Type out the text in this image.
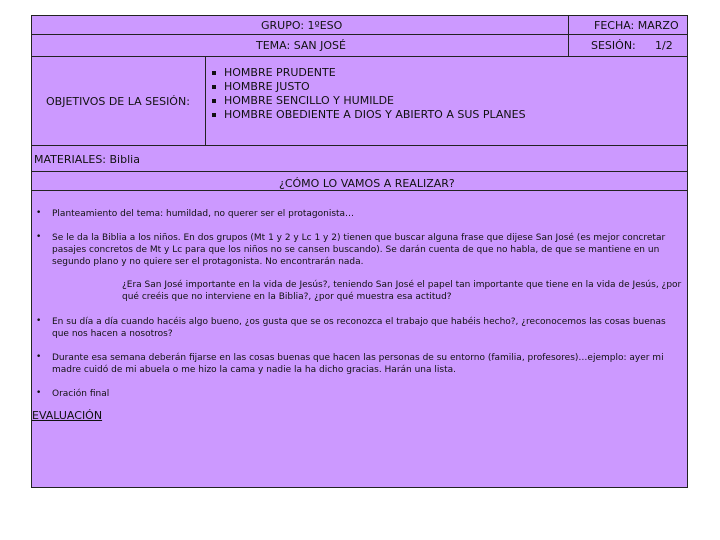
GRUPO: 1ºESO	FECHA: MARZO
TEMA: SAN JOSÉ	SESIÓN: 1/2
OBJETIVOS DE LA SESIÓN:
HOMBRE PRUDENTE
HOMBRE JUSTO
HOMBRE SENCILLO Y HUMILDE
HOMBRE OBEDIENTE A DIOS Y ABIERTO A SUS PLANES
MATERIALES: Biblia
¿CÓMO LO VAMOS A REALIZAR?
• Planteamiento del tema: humildad, no querer ser el protagonista…
• Se le da la Biblia a los niños. En dos grupos (Mt 1 y 2 y Lc 1 y 2) tienen que buscar alguna frase que dijese San José (es mejor concretar pasajes concretos de Mt y Lc para que los niños no se cansen buscando). Se darán cuenta de que no habla, de que se mantiene en un segundo plano y no quiere ser el protagonista. No encontrarán nada.
¿Era San José importante en la vida de Jesús?, teniendo San José el papel tan importante que tiene en la vida de Jesús, ¿por qué creéis que no interviene en la Biblia?, ¿por qué muestra esa actitud?
• En su día a día cuando hacéis algo bueno, ¿os gusta que se os reconozca el trabajo que habéis hecho?, ¿reconocemos las cosas buenas que nos hacen a nosotros?
• Durante esa semana deberán fijarse en las cosas buenas que hacen las personas de su entorno (familia, profesores)…ejemplo: ayer mi madre cuidó de mi abuela o me hizo la cama y nadie la ha dicho gracias. Harán una lista.
• Oración final
EVALUACIÓN
